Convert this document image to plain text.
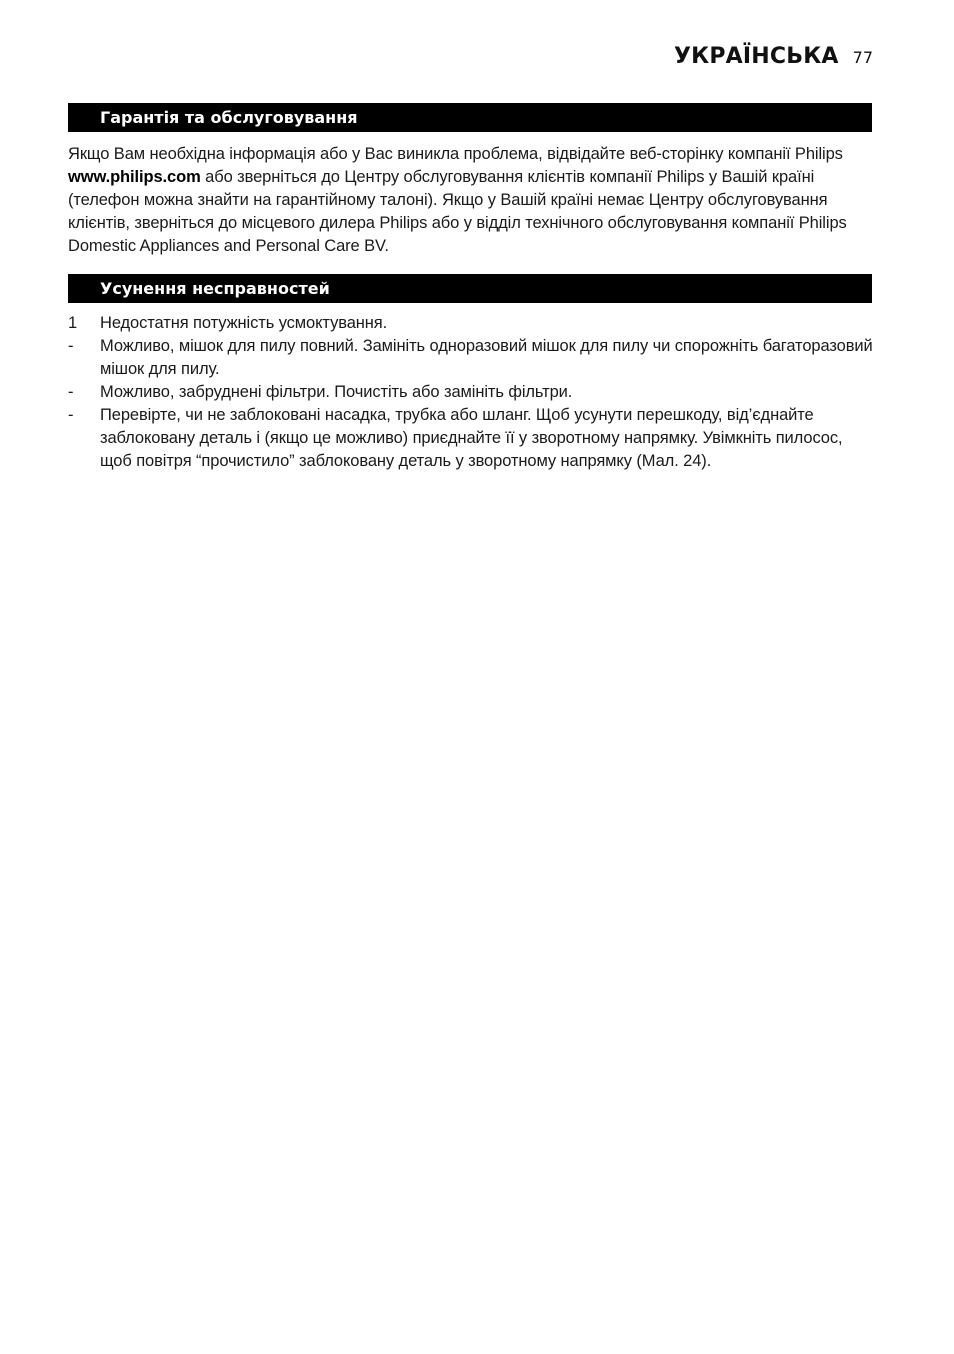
УКРАЇНСЬКА 77
Гарантія та обслуговування

Якщо Вам необхідна інформація або у Вас виникла проблема, відвідайте веб-сторінку компанії Philips www.philips.com або зверніться до Центру обслуговування клієнтів компанії Philips у Вашій країні (телефон можна знайти на гарантійному талоні). Якщо у Вашій країні немає Центру обслуговування клієнтів, зверніться до місцевого дилера Philips або у відділ технічного обслуговування компанії Philips Domestic Appliances and Personal Care BV.

Усунення несправностей
1	Недостатня потужність усмоктування.
-	Можливо, мішок для пилу повний. Замініть одноразовий мішок для пилу чи спорожніть багаторазовий мішок для пилу.
-	Можливо, забруднені фільтри. Почистіть або замініть фільтри.
-	Перевірте, чи не заблоковані насадка, трубка або шланг. Щоб усунути перешкоду, від’єднайте заблоковану деталь і (якщо це можливо) приєднайте її у зворотному напрямку. Увімкніть пилосос, щоб повітря “прочистило” заблоковану деталь у зворотному напрямку (Мал. 24).
